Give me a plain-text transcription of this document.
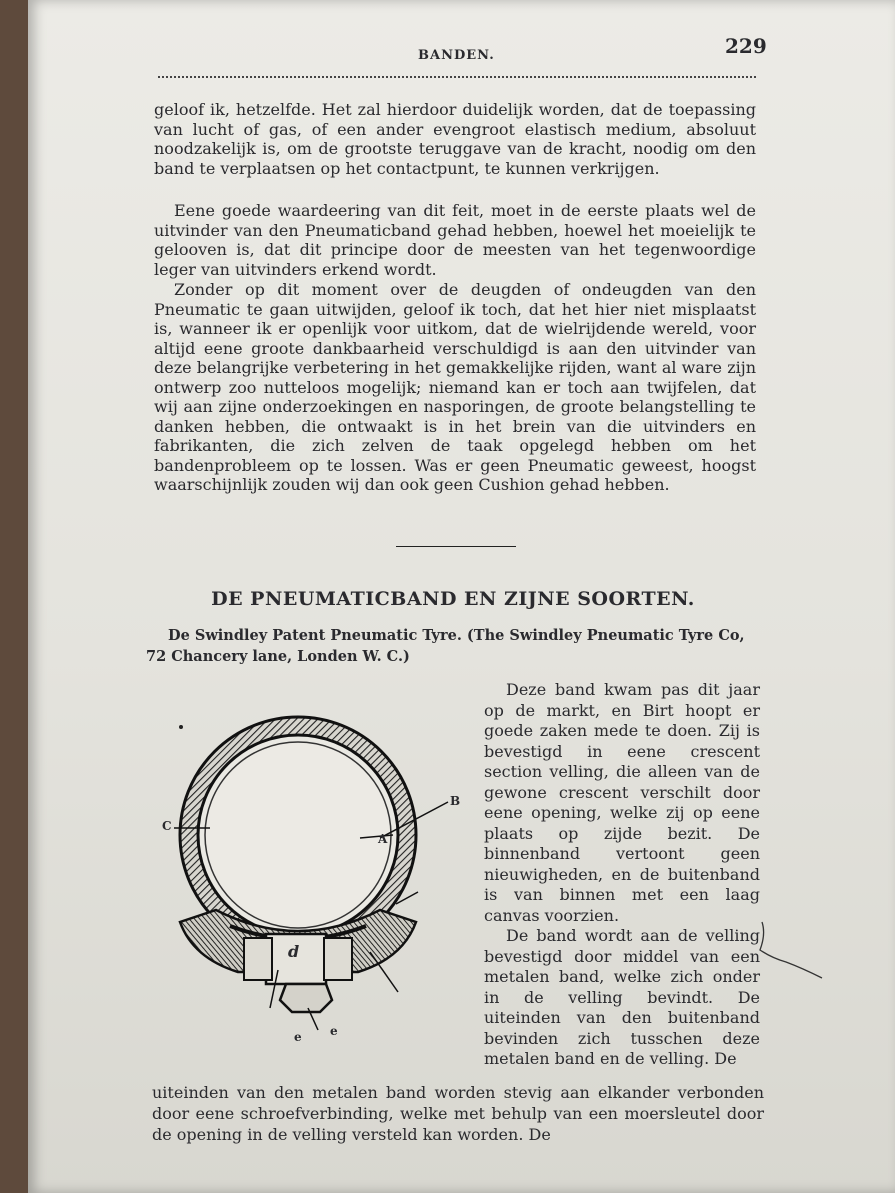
BANDEN.	229

geloof ik, hetzelfde. Het zal hierdoor duidelijk worden, dat de toepassing van lucht of gas, of een ander evengroot elastisch medium, absoluut noodzakelijk is, om de grootste teruggave van de kracht, noodig om den band te verplaatsen op het contactpunt, te kunnen verkrijgen.

Eene goede waardeering van dit feit, moet in de eerste plaats wel de uitvinder van den Pneumaticband gehad hebben, hoewel het moeielijk te gelooven is, dat dit principe door de meesten van het tegenwoordige leger van uitvinders erkend wordt.

Zonder op dit moment over de deugden of ondeugden van den Pneumatic te gaan uitwijden, geloof ik toch, dat het hier niet misplaatst is, wanneer ik er openlijk voor uitkom, dat de wielrijdende wereld, voor altijd eene groote dankbaarheid verschuldigd is aan den uitvinder van deze belangrijke verbetering in het gemakkelijke rijden, want al ware zijn ontwerp zoo nutteloos mogelijk; niemand kan er toch aan twijfelen, dat wij aan zijne onderzoekingen en nasporingen, de groote belangstelling te danken hebben, die ontwaakt is in het brein van die uitvinders en fabrikanten, die zich zelven de taak opgelegd hebben om het bandenprobleem op te lossen. Was er geen Pneumatic geweest, hoogst waarschijnlijk zouden wij dan ook geen Cushion gehad hebben.

DE PNEUMATICBAND EN ZIJNE SOORTEN.
De Swindley Patent Pneumatic Tyre. (The Swindley Pneumatic Tyre Co, 72 Chancery lane, Londen W. C.)
C
A
B
d
e e

Deze band kwam pas dit jaar op de markt, en Birt hoopt er goede zaken mede te doen. Zij is bevestigd in eene crescent section velling, die alleen van de gewone crescent verschilt door eene opening, welke zij op eene plaats op zijde bezit. De binnenband vertoont geen nieuwigheden, en de buitenband is van binnen met een laag canvas voorzien.
De band wordt aan de velling bevestigd door middel van een metalen band, welke zich onder in de velling bevindt. De uiteinden van den buitenband bevinden zich tusschen deze metalen band en de velling. De

uiteinden van den metalen band worden stevig aan elkander verbonden door eene schroefverbinding, welke met behulp van een moersleutel door de opening in de velling versteld kan worden. De
